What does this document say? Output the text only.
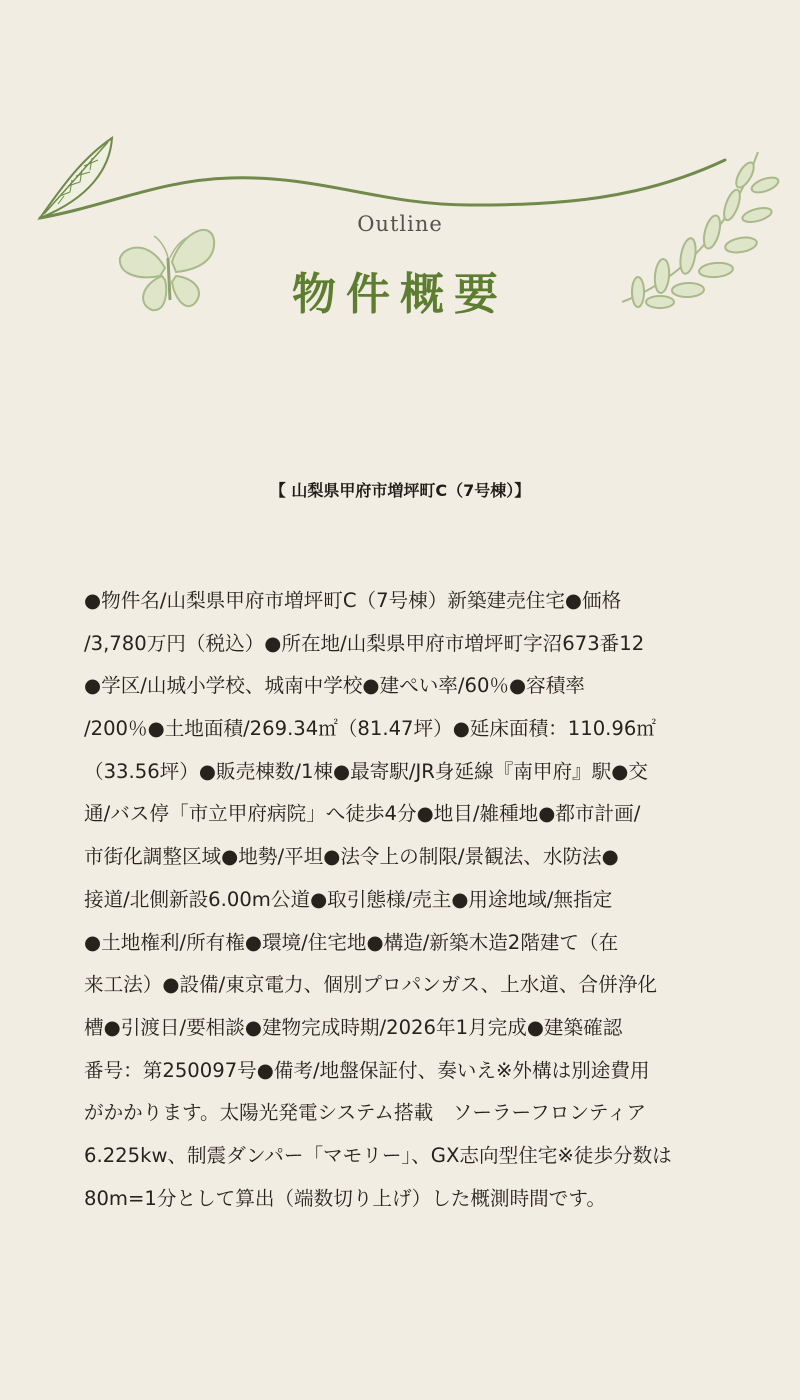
Outline
物件概要
【 山梨県甲府市増坪町C（7号棟）】
●物件名/山梨県甲府市増坪町C（7号棟）新築建売住宅●価格
/3,780万円（税込）●所在地/山梨県甲府市増坪町字沼673番12
●学区/山城小学校、城南中学校●建ぺい率/60％●容積率
/200％●土地面積/269.34㎡（81.47坪）●延床面積：110.96㎡
（33.56坪）●販売棟数/1棟●最寄駅/JR身延線『南甲府』駅●交
通/バス停「市立甲府病院」へ徒歩4分●地目/雑種地●都市計画/
市街化調整区域●地勢/平坦●法令上の制限/景観法、水防法●
接道/北側新設6.00m公道●取引態様/売主●用途地域/無指定
●土地権利/所有権●環境/住宅地●構造/新築木造2階建て（在
来工法）●設備/東京電力、個別プロパンガス、上水道、合併浄化
槽●引渡日/要相談●建物完成時期/2026年1月完成●建築確認
番号：第250097号●備考/地盤保証付、奏いえ※外構は別途費用
がかかります。太陽光発電システム搭載　ソーラーフロンティア
6.225kw、制震ダンパー「マモリー」、GX志向型住宅※徒歩分数は
80m=1分として算出（端数切り上げ）した概測時間です。
